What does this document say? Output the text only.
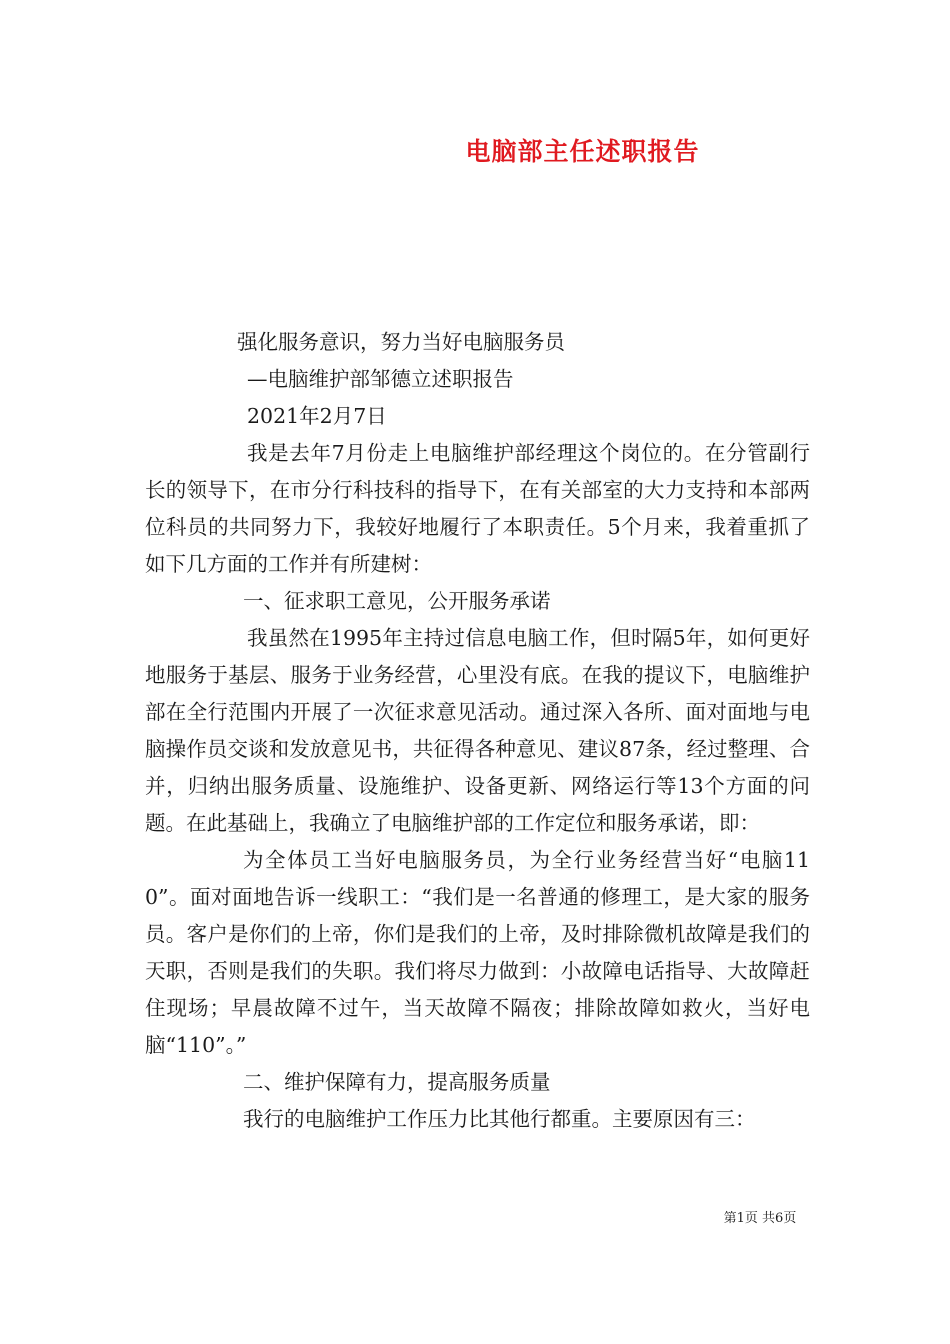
电脑部主任述职报告

强化服务意识，努力当好电脑服务员

—电脑维护部邹德立述职报告

2021年2月7日

我是去年7月份走上电脑维护部经理这个岗位的。在分管副行长的领导下，在市分行科技科的指导下，在有关部室的大力支持和本部两位科员的共同努力下，我较好地履行了本职责任。5个月来，我着重抓了如下几方面的工作并有所建树：

一、征求职工意见，公开服务承诺

我虽然在1995年主持过信息电脑工作，但时隔5年，如何更好地服务于基层、服务于业务经营，心里没有底。在我的提议下，电脑维护部在全行范围内开展了一次征求意见活动。通过深入各所、面对面地与电脑操作员交谈和发放意见书，共征得各种意见、建议87条，经过整理、合并，归纳出服务质量、设施维护、设备更新、网络运行等13个方面的问题。在此基础上，我确立了电脑维护部的工作定位和服务承诺，即：

为全体员工当好电脑服务员，为全行业务经营当好“电脑110”。面对面地告诉一线职工：“我们是一名普通的修理工，是大家的服务员。客户是你们的上帝，你们是我们的上帝，及时排除微机故障是我们的天职，否则是我们的失职。我们将尽力做到：小故障电话指导、大故障赶住现场；早晨故障不过午，当天故障不隔夜；排除故障如救火，当好电脑“110”。”

二、维护保障有力，提高服务质量

我行的电脑维护工作压力比其他行都重。主要原因有三：

第1页 共6页
